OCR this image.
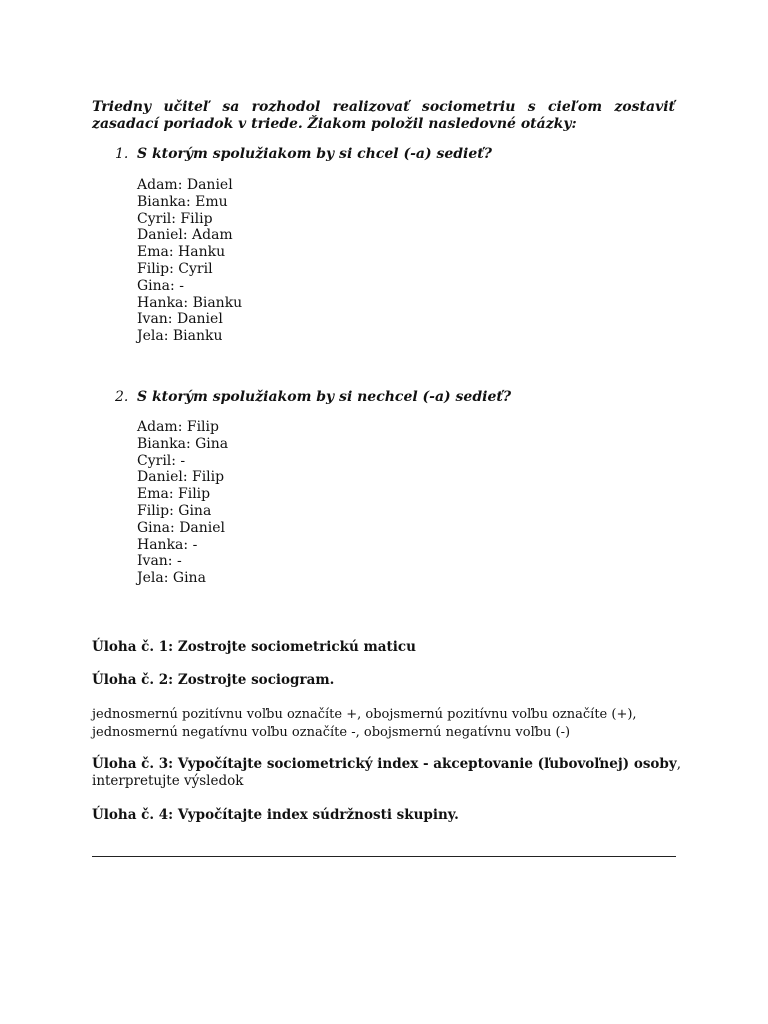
Triedny učiteľ sa rozhodol realizovať sociometriu s cieľom zostaviť zasadací poriadok v triede. Žiakom položil nasledovné otázky:

1. S ktorým spolužiakom by si chcel (-a) sedieť?
Adam: Daniel
Bianka: Emu
Cyril: Filip
Daniel: Adam
Ema: Hanku
Filip: Cyril
Gina: -
Hanka: Bianku
Ivan: Daniel
Jela: Bianku
2. S ktorým spolužiakom by si nechcel (-a) sedieť?
Adam: Filip
Bianka: Gina
Cyril: -
Daniel: Filip
Ema: Filip
Filip: Gina
Gina: Daniel
Hanka: -
Ivan: -
Jela: Gina
Úloha č. 1: Zostrojte sociometrickú maticu
Úloha č. 2: Zostrojte sociogram.
jednosmernú pozitívnu voľbu označíte +, obojsmernú pozitívnu voľbu označíte (+),
jednosmernú negatívnu voľbu označíte -, obojsmernú negatívnu voľbu (-)
Úloha č. 3: Vypočítajte sociometrický index - akceptovanie (ľubovoľnej) osoby, interpretujte výsledok
Úloha č. 4: Vypočítajte index súdržnosti skupiny.
